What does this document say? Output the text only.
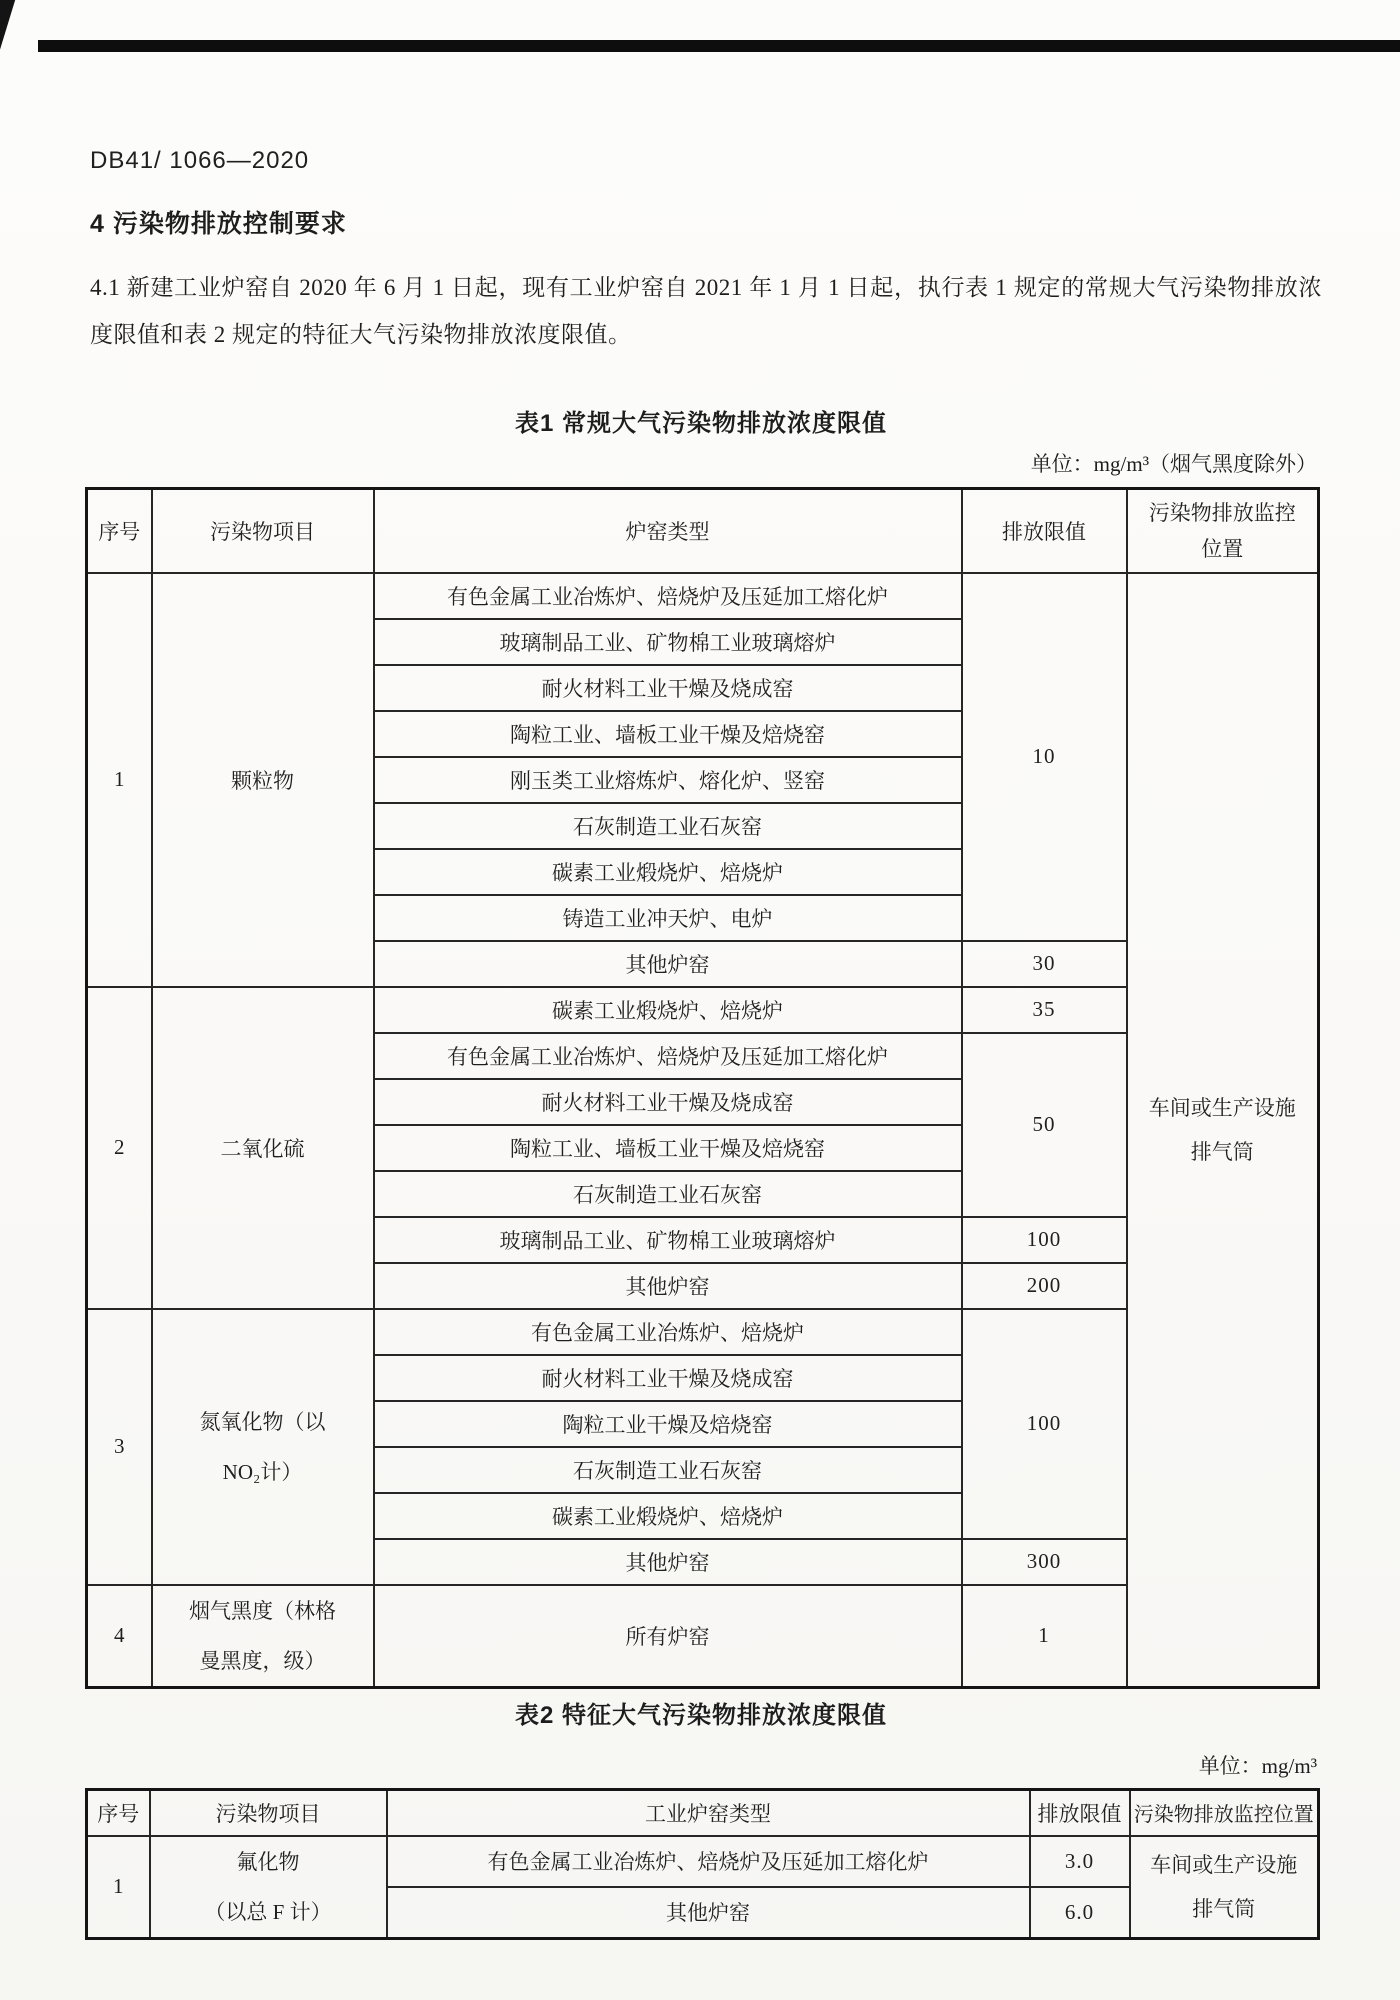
DB41/ 1066—2020
4 污染物排放控制要求
4.1 新建工业炉窑自 2020 年 6 月 1 日起，现有工业炉窑自 2021 年 1 月 1 日起，执行表 1 规定的常规大气污染物排放浓度限值和表 2 规定的特征大气污染物排放浓度限值。
表1 常规大气污染物排放浓度限值
单位：mg/m³（烟气黑度除外）
序号	污染物项目	炉窑类型	排放限值	污染物排放监控
位置

1	颗粒物	有色金属工业冶炼炉、焙烧炉及压延加工熔化炉	10	车间或生产设施
排气筒

		玻璃制品工业、矿物棉工业玻璃熔炉		
		耐火材料工业干燥及烧成窑		
		陶粒工业、墙板工业干燥及焙烧窑		
		刚玉类工业熔炼炉、熔化炉、竖窑		
		石灰制造工业石灰窑		
		碳素工业煅烧炉、焙烧炉		
		铸造工业冲天炉、电炉		
		其他炉窑	30	
2	二氧化硫	碳素工业煅烧炉、焙烧炉	35	
		有色金属工业冶炼炉、焙烧炉及压延加工熔化炉	50	
		耐火材料工业干燥及烧成窑		
		陶粒工业、墙板工业干燥及焙烧窑		
		石灰制造工业石灰窑		
		玻璃制品工业、矿物棉工业玻璃熔炉	100	
		其他炉窑	200	
3	氮氧化物（以
NO₂计）	有色金属工业冶炼炉、焙烧炉	100	
		耐火材料工业干燥及烧成窑		
		陶粒工业干燥及焙烧窑		
		石灰制造工业石灰窑		
		碳素工业煅烧炉、焙烧炉		
		其他炉窑	300	
4	烟气黑度（林格
曼黑度，级）	所有炉窑	1	
表2 特征大气污染物排放浓度限值
单位：mg/m³
序号	污染物项目	工业炉窑类型	排放限值	污染物排放监控位置
1	氟化物
（以总 F 计）	有色金属工业冶炼炉、焙烧炉及压延加工熔化炉	3.0	车间或生产设施
排气筒

		其他炉窑	6.0	
